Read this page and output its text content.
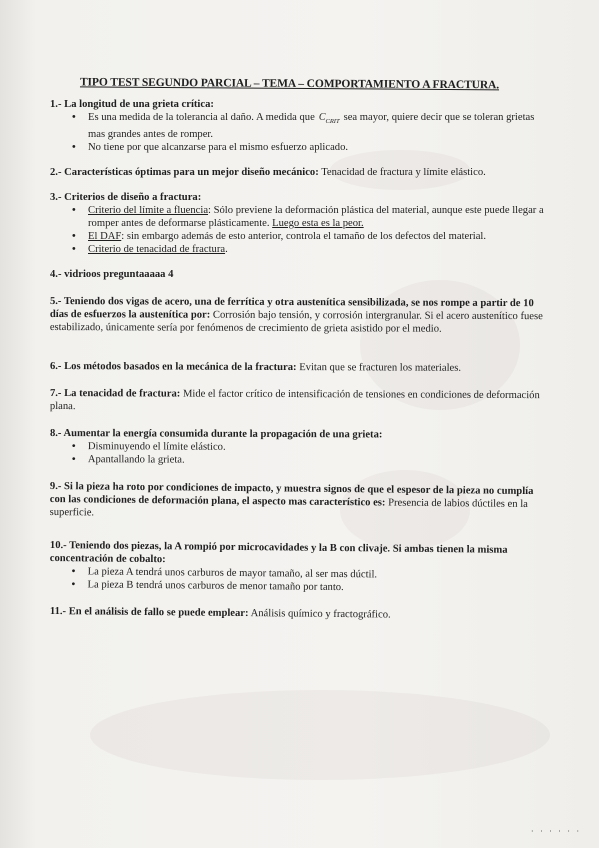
TIPO TEST SEGUNDO PARCIAL – TEMA – COMPORTAMIENTO A FRACTURA.
1.- La longitud de una grieta crítica:
• Es una medida de la tolerancia al daño. A medida que $C_{CRIT}$ sea mayor, quiere decir que se toleran grietas mas grandes antes de romper.
• No tiene por que alcanzarse para el mismo esfuerzo aplicado.
2.- Características óptimas para un mejor diseño mecánico: Tenacidad de fractura y límite elástico.
3.- Criterios de diseño a fractura:
• Criterio del límite a fluencia: Sólo previene la deformación plástica del material, aunque este puede llegar a romper antes de deformarse plásticamente. Luego esta es la peor.
• El DAF: sin embargo además de esto anterior, controla el tamaño de los defectos del material.
• Criterio de tenacidad de fractura.
4.- vidrioos preguntaaaaa 4
5.- Teniendo dos vigas de acero, una de ferrítica y otra austenítica sensibilizada, se nos rompe a partir de 10 días de esfuerzos la austenítica por: Corrosión bajo tensión, y corrosión intergranular. Si el acero austenítico fuese estabilizado, únicamente sería por fenómenos de crecimiento de grieta asistido por el medio.
6.- Los métodos basados en la mecánica de la fractura: Evitan que se fracturen los materiales.
7.- La tenacidad de fractura: Mide el factor crítico de intensificación de tensiones en condiciones de deformación plana.
8.- Aumentar la energía consumida durante la propagación de una grieta:
• Disminuyendo el límite elástico.
• Apantallando la grieta.
9.- Si la pieza ha roto por condiciones de impacto, y muestra signos de que el espesor de la pieza no cumplía con las condiciones de deformación plana, el aspecto mas característico es: Presencia de labios dúctiles en la superficie.
10.- Teniendo dos piezas, la A rompió por microcavidades y la B con clivaje. Si ambas tienen la misma concentración de cobalto:
• La pieza A tendrá unos carburos de mayor tamaño, al ser mas dúctil.
• La pieza B tendrá unos carburos de menor tamaño por tanto.
11.- En el análisis de fallo se puede emplear: Análisis químico y fractográfico.
· · · · · ·
